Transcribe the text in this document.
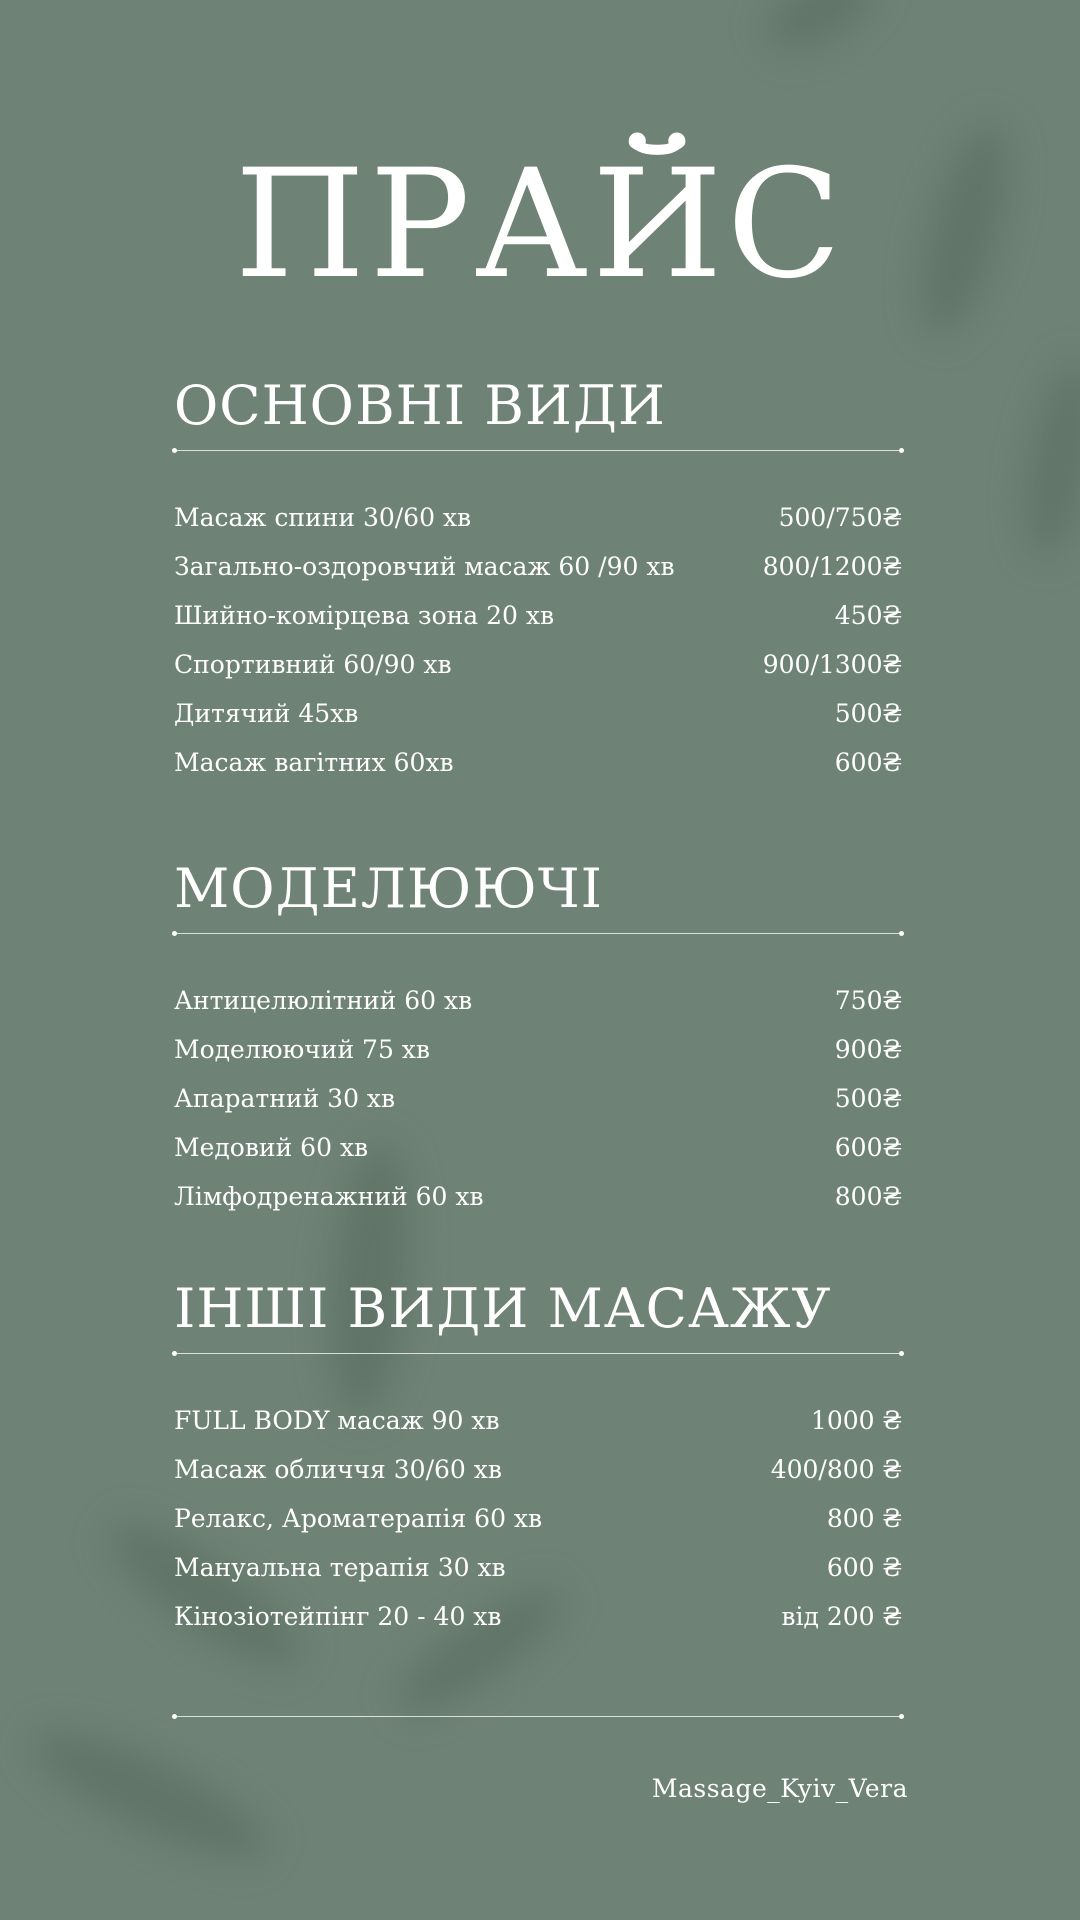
ПРАЙС
ОСНОВНІ ВИДИ
Масаж спини 30/60 хв	500/750₴
Загально-оздоровчий масаж 60 /90 хв	800/1200₴
Шийно-комірцева зона 20 хв	450₴
Спортивний 60/90 хв	900/1300₴
Дитячий 45хв	500₴
Масаж вагітних 60хв	600₴
МОДЕЛЮЮЧІ
Антицелюлітний 60 хв	750₴
Моделюючий 75 хв	900₴
Апаратний 30 хв	500₴
Медовий 60 хв	600₴
Лімфодренажний 60 хв	800₴
ІНШІ ВИДИ МАСАЖУ
FULL BODY масаж 90 хв	1000 ₴
Масаж обличчя 30/60 хв	400/800 ₴
Релакс, Ароматерапія 60 хв	800 ₴
Мануальна терапія 30 хв	600 ₴
Кінозіотейпінг 20 - 40 хв	від 200 ₴
Massage_Kyiv_Vera
